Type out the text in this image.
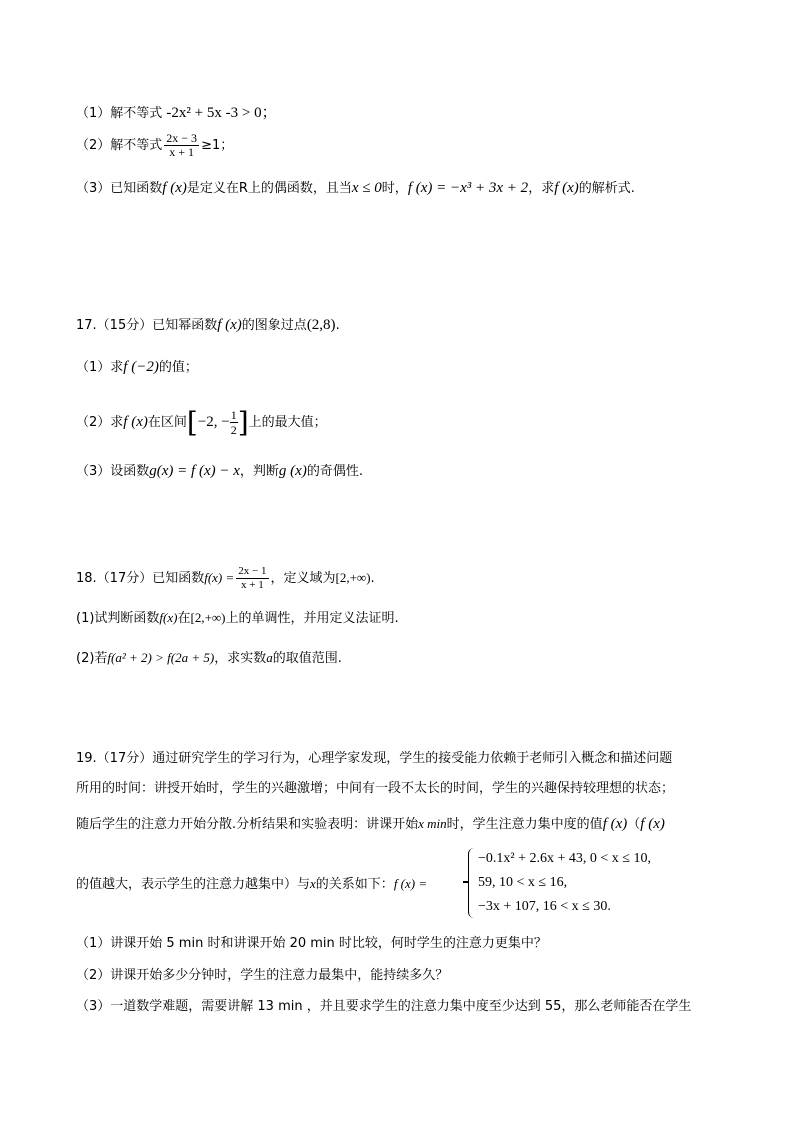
（1）解不等式 -2x² + 5x -3 > 0；
（2）解不等式 $\frac{2x - 3}{x + 1} \ge 1$；
（3）已知函数f (x)是定义在R上的偶函数，且当x ≤ 0时，f (x) = −x³ + 3x + 2，求f (x)的解析式.
17.（15分）已知幂函数f (x)的图象过点(2,8).
（1）求f (−2)的值；
（2）求f (x)在区间[−2, − $\frac{1}{2}$ ]上的最大值；
（3）设函数g(x) = f (x) − x，判断g (x)的奇偶性.
18.（17分）已知函数$f(x) = \frac{2x - 1}{x + 1}$ ，定义域为[2,+∞).
(1)试判断函数f(x)在[2,+∞)上的单调性，并用定义法证明.
(2)若f(a² + 2) > f(2a + 5)，求实数a的取值范围.
19.（17分）通过研究学生的学习行为，心理学家发现，学生的接受能力依赖于老师引入概念和描述问题
所用的时间：讲授开始时，学生的兴趣激增；中间有一段不太长的时间，学生的兴趣保持较理想的状态；
随后学生的注意力开始分散.分析结果和实验表明：讲课开始x min时，学生注意力集中度的值f (x)（f (x)
的值越大，表示学生的注意力越集中）与x的关系如下：f (x) =
−0.1x² + 2.6x + 43, 0 < x ≤ 10,
59, 10 < x ≤ 16,
−3x + 107, 16 < x ≤ 30.
（1）讲课开始 5 min 时和讲课开始 20 min 时比较，何时学生的注意力更集中？
（2）讲课开始多少分钟时，学生的注意力最集中，能持续多久？
（3）一道数学难题，需要讲解 13 min ，并且要求学生的注意力集中度至少达到 55，那么老师能否在学生
